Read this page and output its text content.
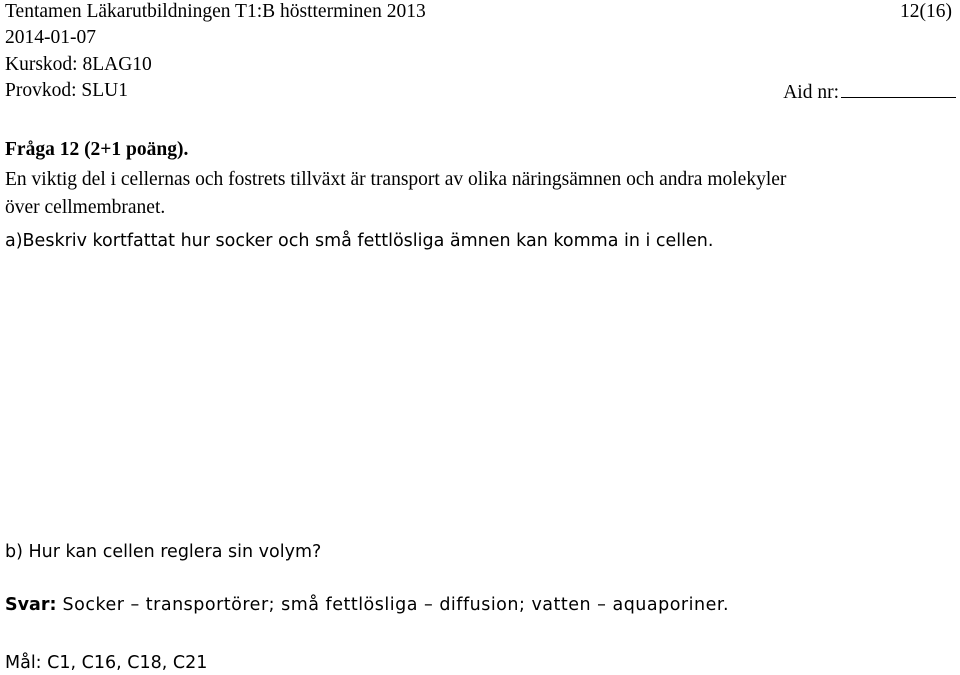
Tentamen Läkarutbildningen T1:B höstterminen 2013	12(16)
2014-01-07
Kurskod: 8LAG10
Provkod: SLU1	Aid nr:
Fråga 12 (2+1 poäng).
En viktig del i cellernas och fostrets tillväxt är transport av olika näringsämnen och andra molekyler
över cellmembranet.
a)Beskriv kortfattat hur socker och små fettlösliga ämnen kan komma in i cellen.
b) Hur kan cellen reglera sin volym?
Svar: Socker – transportörer; små fettlösliga – diffusion; vatten – aquaporiner.
Mål: C1, C16, C18, C21
